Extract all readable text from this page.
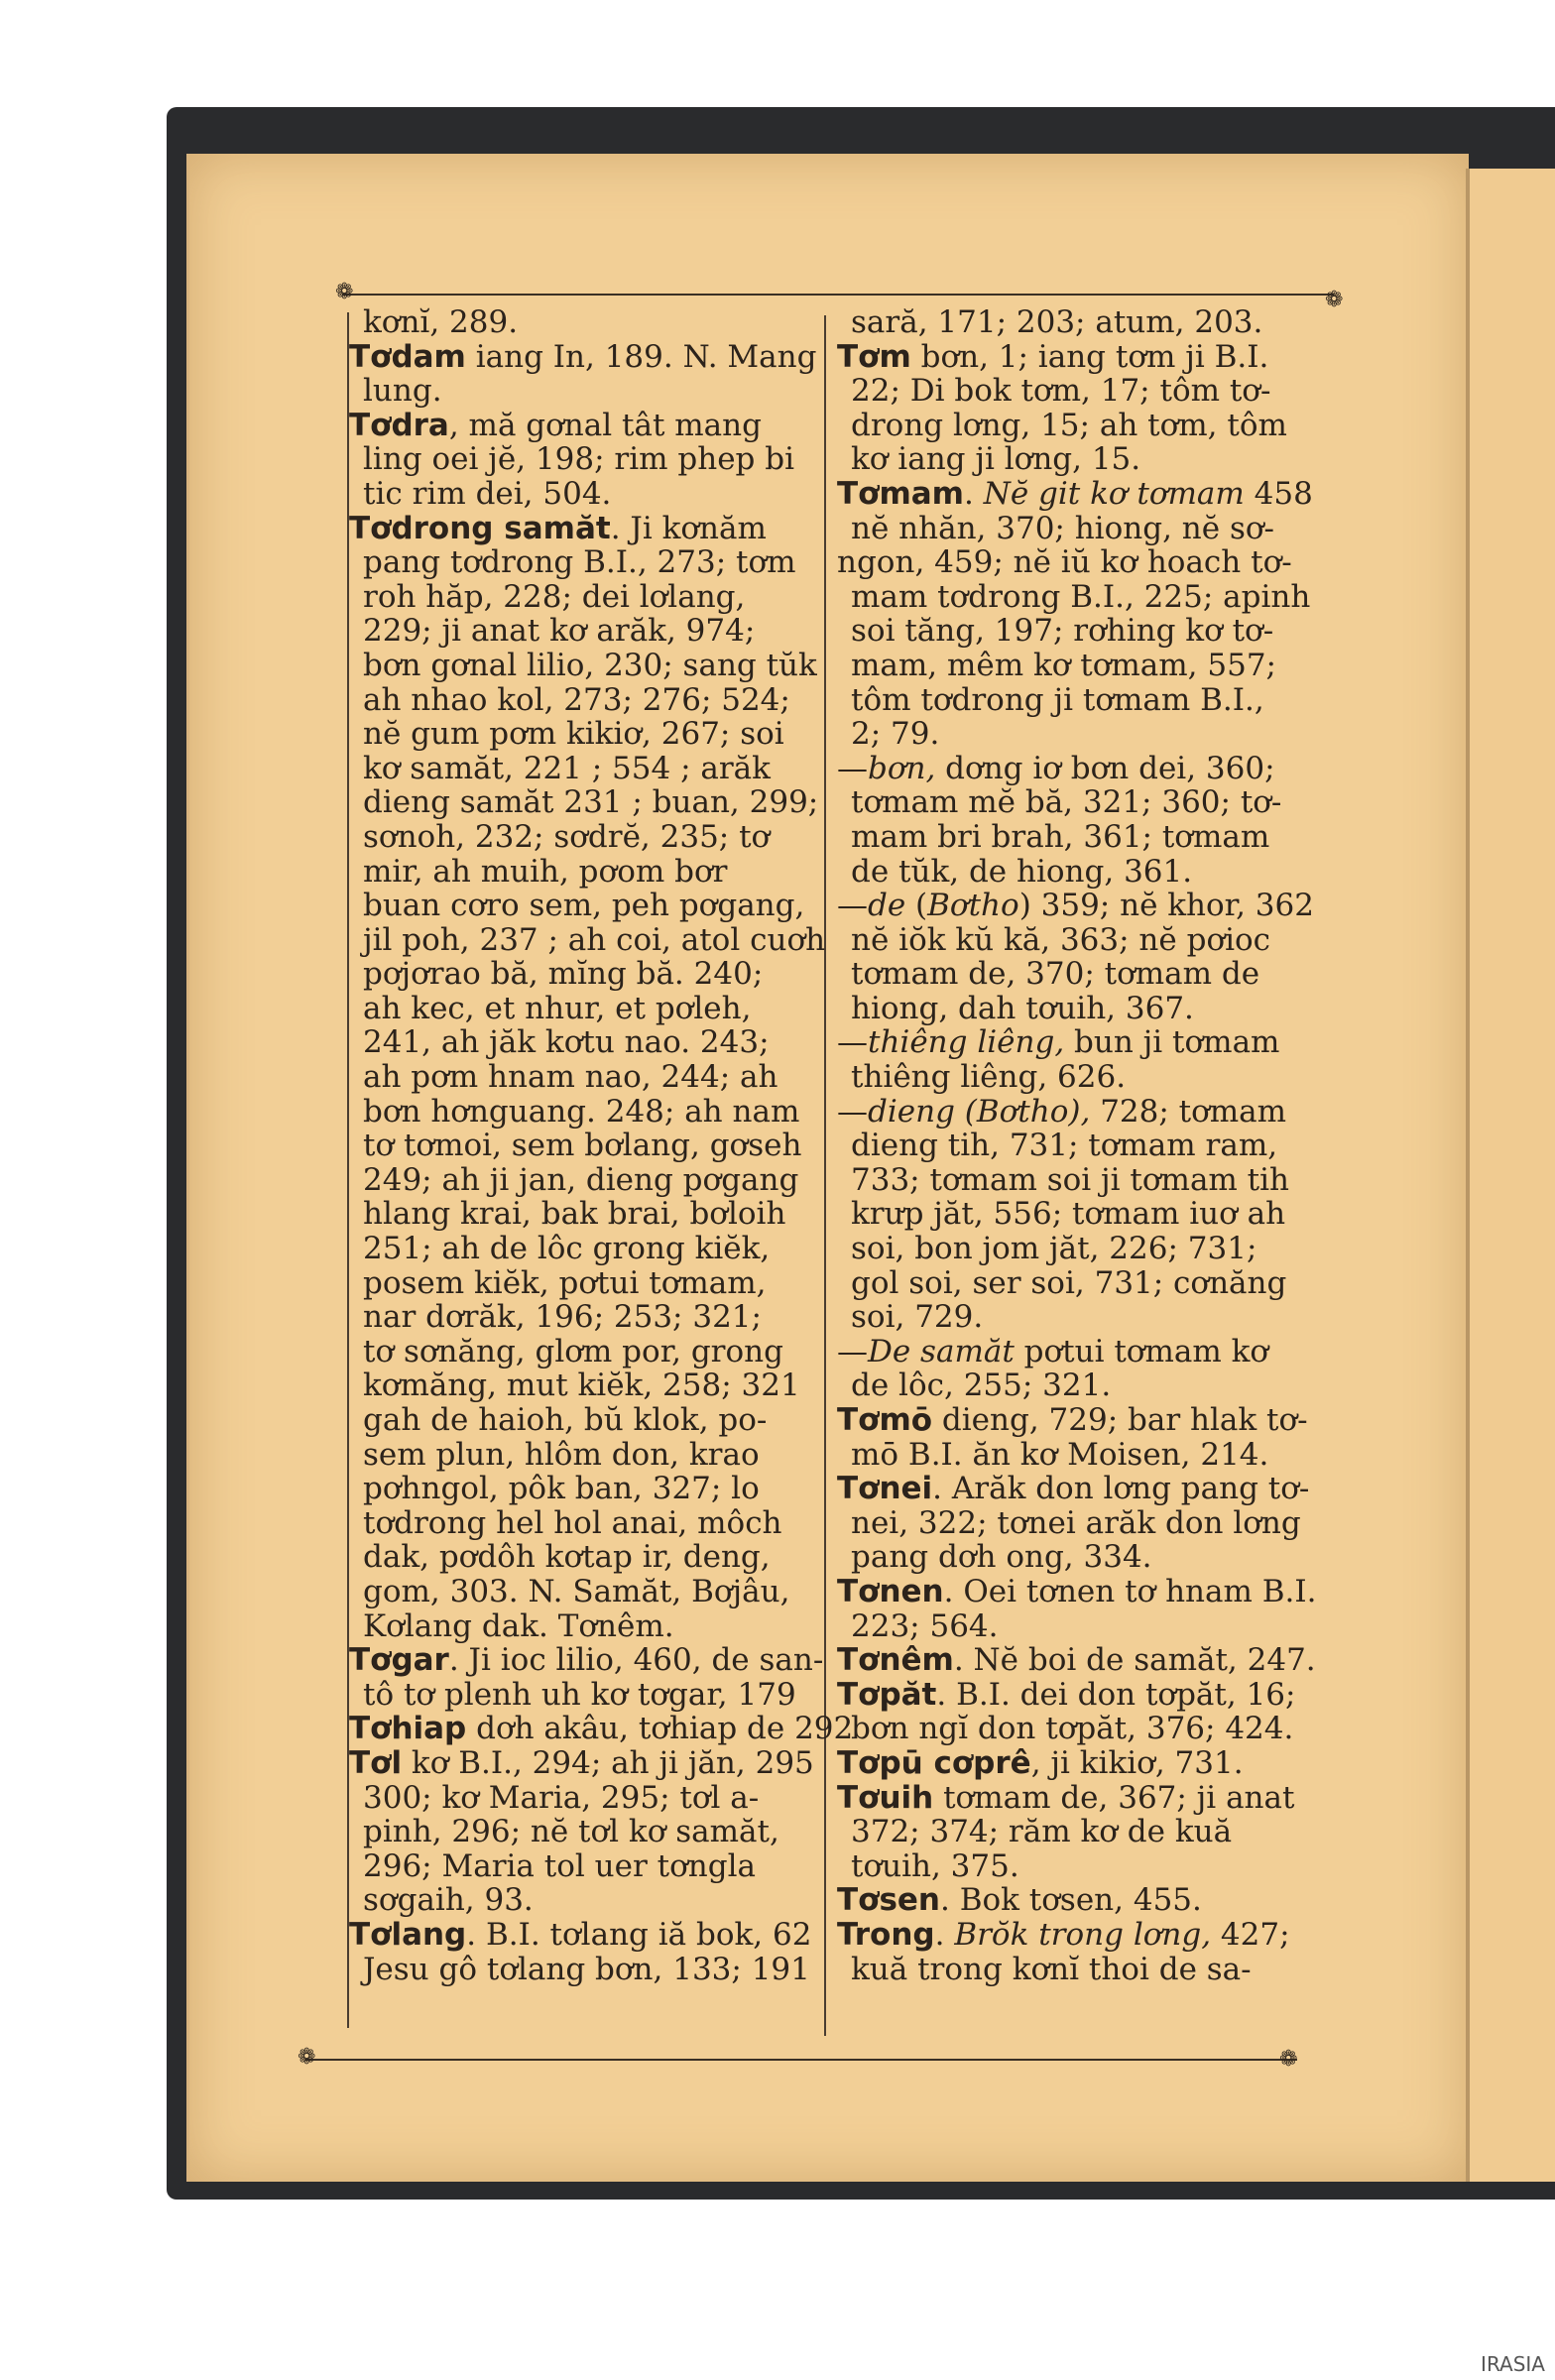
❁	❁
❁	❁
kơnĭ, 289.
Tơdam iang In, 189. N. Mang
lung.
Tơdra, mă gơnal tât mang
ling oei jĕ, 198; rim phep bi
tic rim dei, 504.
Tơdrong samăt. Ji kơnăm
pang tơdrong B.I., 273; tơm
roh hăp, 228; dei lơlang,
229; ji anat kơ arăk, 974;
bơn gơnal lilio, 230; sang tŭk
ah nhao kol, 273; 276; 524;
nĕ gum pơm kikiơ, 267; soi
kơ samăt, 221 ; 554 ; arăk
dieng samăt 231 ; buan, 299;
sơnoh, 232; sơdrĕ, 235; tơ
mir, ah muih, pơom bơr
buan cơro sem, peh pơgang,
jil poh, 237 ; ah coi, atol cuơh
pơjơrao bă, mĭng bă. 240;
ah kec, et nhur, et pơleh,
241, ah jăk kơtu nao. 243;
ah pơm hnam nao, 244; ah
bơn hơnguang. 248; ah nam
tơ tơmoi, sem bơlang, gơseh
249; ah ji jan, dieng pơgang
hlang krai, bak brai, bơloih
251; ah de lôc grong kiĕk,
posem kiĕk, pơtui tơmam,
nar dơrăk, 196; 253; 321;
tơ sơnăng, glơm por, grong
kơmăng, mut kiĕk, 258; 321
gah de haioh, bŭ klok, po-
sem plun, hlôm don, krao
pơhngol, pôk ban, 327; lo
tơdrong hel hol anai, môch
dak, pơdôh kơtap ir, deng,
gom, 303. N. Samăt, Bơjâu,
Kơlang dak. Tơnêm.
Tơgar. Ji ioc lilio, 460, de san-
tô tơ plenh uh kơ tơgar, 179
Tơhiap dơh akâu, tơhiap de 292
Tơl kơ B.I., 294; ah ji jăn, 295
300; kơ Maria, 295; tơl a-
pinh, 296; nĕ tơl kơ samăt,
296; Maria tol uer tơngla
sơgaih, 93.
Tơlang. B.I. tơlang iă bok, 62
Jesu gô tơlang bơn, 133; 191
sară, 171; 203; atum, 203.
Tơm bơn, 1; iang tơm ji B.I.
22; Di bok tơm, 17; tôm tơ-
drong lơng, 15; ah tơm, tôm
kơ iang ji lơng, 15.
Tơmam. Nĕ git kơ tơmam 458
nĕ nhăn, 370; hiong, nĕ sơ-
ngon, 459; nĕ iŭ kơ hoach tơ-
mam tơdrong B.I., 225; apinh
soi tăng, 197; rơhing kơ tơ-
mam, mêm kơ tơmam, 557;
tôm tơdrong ji tơmam B.I.,
2; 79.
—bơn, dơng iơ bơn dei, 360;
tơmam mĕ bă, 321; 360; tơ-
mam bri brah, 361; tơmam
de tŭk, de hiong, 361.
—de (Bơtho) 359; nĕ khor, 362
nĕ iŏk kŭ kă, 363; nĕ pơioc
tơmam de, 370; tơmam de
hiong, dah tơuih, 367.
—thiêng liêng, bun ji tơmam
thiêng liêng, 626.
—dieng (Bơtho), 728; tơmam
dieng tih, 731; tơmam ram,
733; tơmam soi ji tơmam tih
krưp jăt, 556; tơmam iuơ ah
soi, bon jom jăt, 226; 731;
gol soi, ser soi, 731; cơnăng
soi, 729.
—De samăt pơtui tơmam kơ
de lôc, 255; 321.
Tơmō dieng, 729; bar hlak tơ-
mō B.I. ăn kơ Moisen, 214.
Tơnei. Arăk don lơng pang tơ-
nei, 322; tơnei arăk don lơng
pang dơh ong, 334.
Tơnen. Oei tơnen tơ hnam B.I.
223; 564.
Tơnêm. Nĕ boi de samăt, 247.
Tơpăt. B.I. dei don tơpăt, 16;
bơn ngĭ don tơpăt, 376; 424.
Tơpū cơprê, ji kikiơ, 731.
Tơuih tơmam de, 367; ji anat
372; 374; răm kơ de kuă
tơuih, 375.
Tơsen. Bok tơsen, 455.
Trong. Brŏk trong lơng, 427;
kuă trong kơnĭ thoi de sa-
IRASIA
